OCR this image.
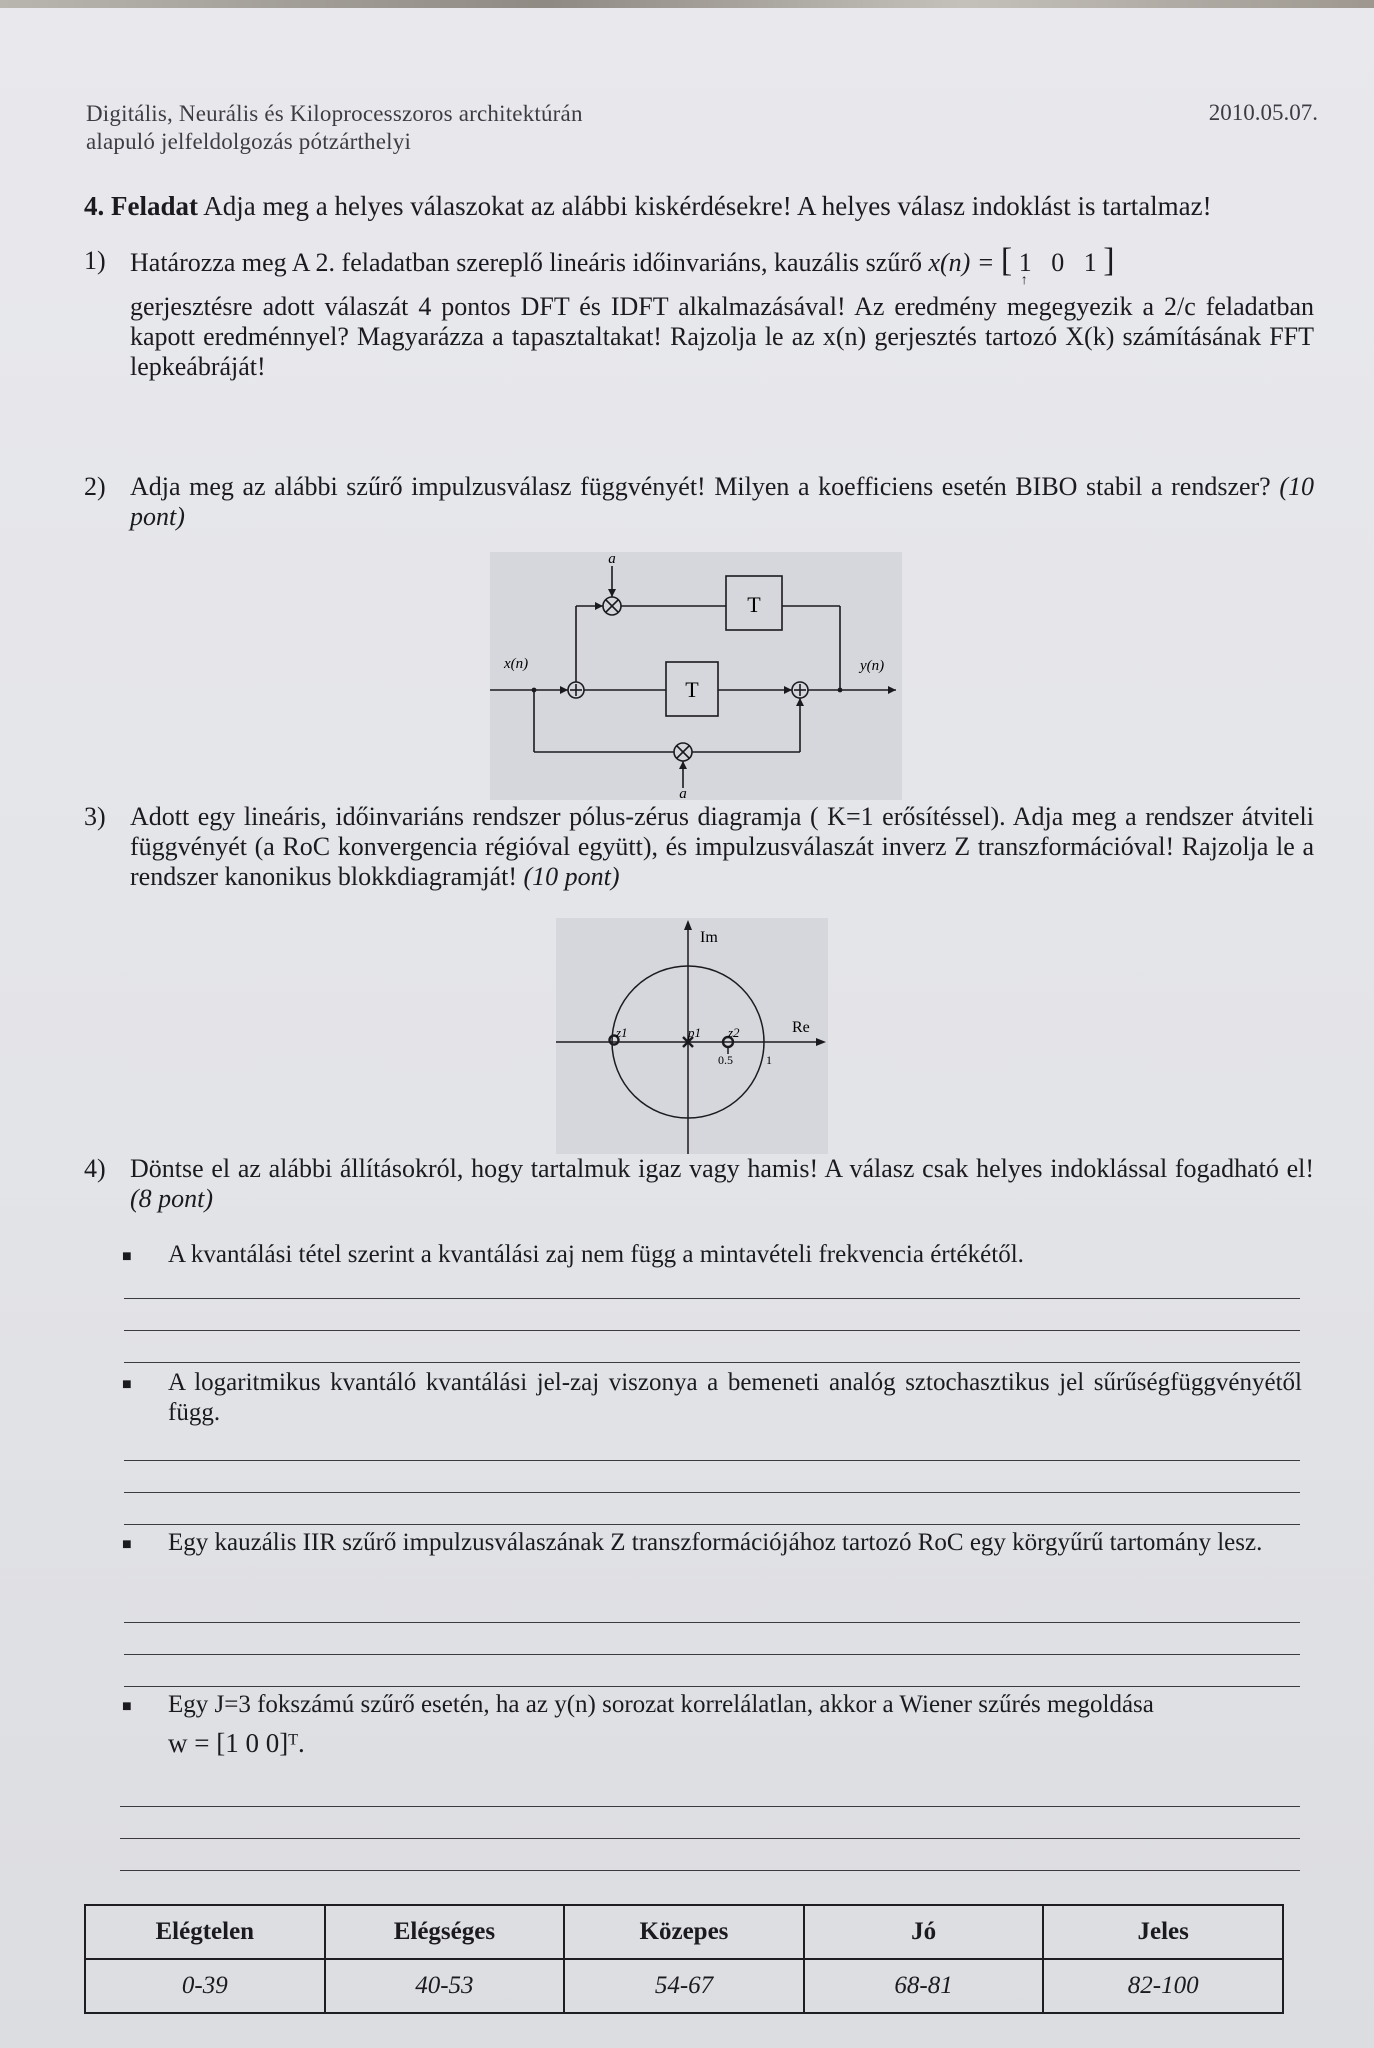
Digitális, Neurális és Kiloprocesszoros architektúrán
alapuló jelfeldolgozás pótzárthelyi
2010.05.07.
4. Feladat Adja meg a helyes válaszokat az alábbi kiskérdésekre! A helyes válasz indoklást is tartalmaz!
1) Határozza meg A 2. feladatban szereplő lineáris időinvariáns, kauzális szűrő x(n) = [ 1
↑
0 1 ]
gerjesztésre adott válaszát 4 pontos DFT és IDFT alkalmazásával! Az eredmény megegyezik a 2/c feladatban kapott eredménnyel? Magyarázza a tapasztaltakat! Rajzolja le az x(n) gerjesztés tartozó X(k) számításának FFT lepkeábráját!
2) Adja meg az alábbi szűrő impulzusválasz függvényét! Milyen a koefficiens esetén BIBO stabil a rendszer? (10 pont)
a
a
T
T
x(n)	y(n)
3) Adott egy lineáris, időinvariáns rendszer pólus-zérus diagramja ( K=1 erősítéssel). Adja meg a rendszer átviteli függvényét (a RoC konvergencia régióval együtt), és impulzusválaszát inverz Z transzformációval! Rajzolja le a rendszer kanonikus blokkdiagramját! (10 pont)
Im
Re
z1	p1 z2
0.5	1
4) Döntse el az alábbi állításokról, hogy tartalmuk igaz vagy hamis! A válasz csak helyes indoklással fogadható el! (8 pont)
■ A kvantálási tétel szerint a kvantálási zaj nem függ a mintavételi frekvencia értékétől.
■ A logaritmikus kvantáló kvantálási jel-zaj viszonya a bemeneti analóg sztochasztikus jel sűrűségfüggvényétől függ.
■ Egy kauzális IIR szűrő impulzusválaszának Z transzformációjához tartozó RoC egy körgyűrű tartomány lesz.
■ Egy J=3 fokszámú szűrő esetén, ha az y(n) sorozat korrelálatlan, akkor a Wiener szűrés megoldása
w = [1 0 0]ᵀ.
Elégtelen	Elégséges	Közepes	Jó	Jeles
0-39	40-53	54-67	68-81	82-100
